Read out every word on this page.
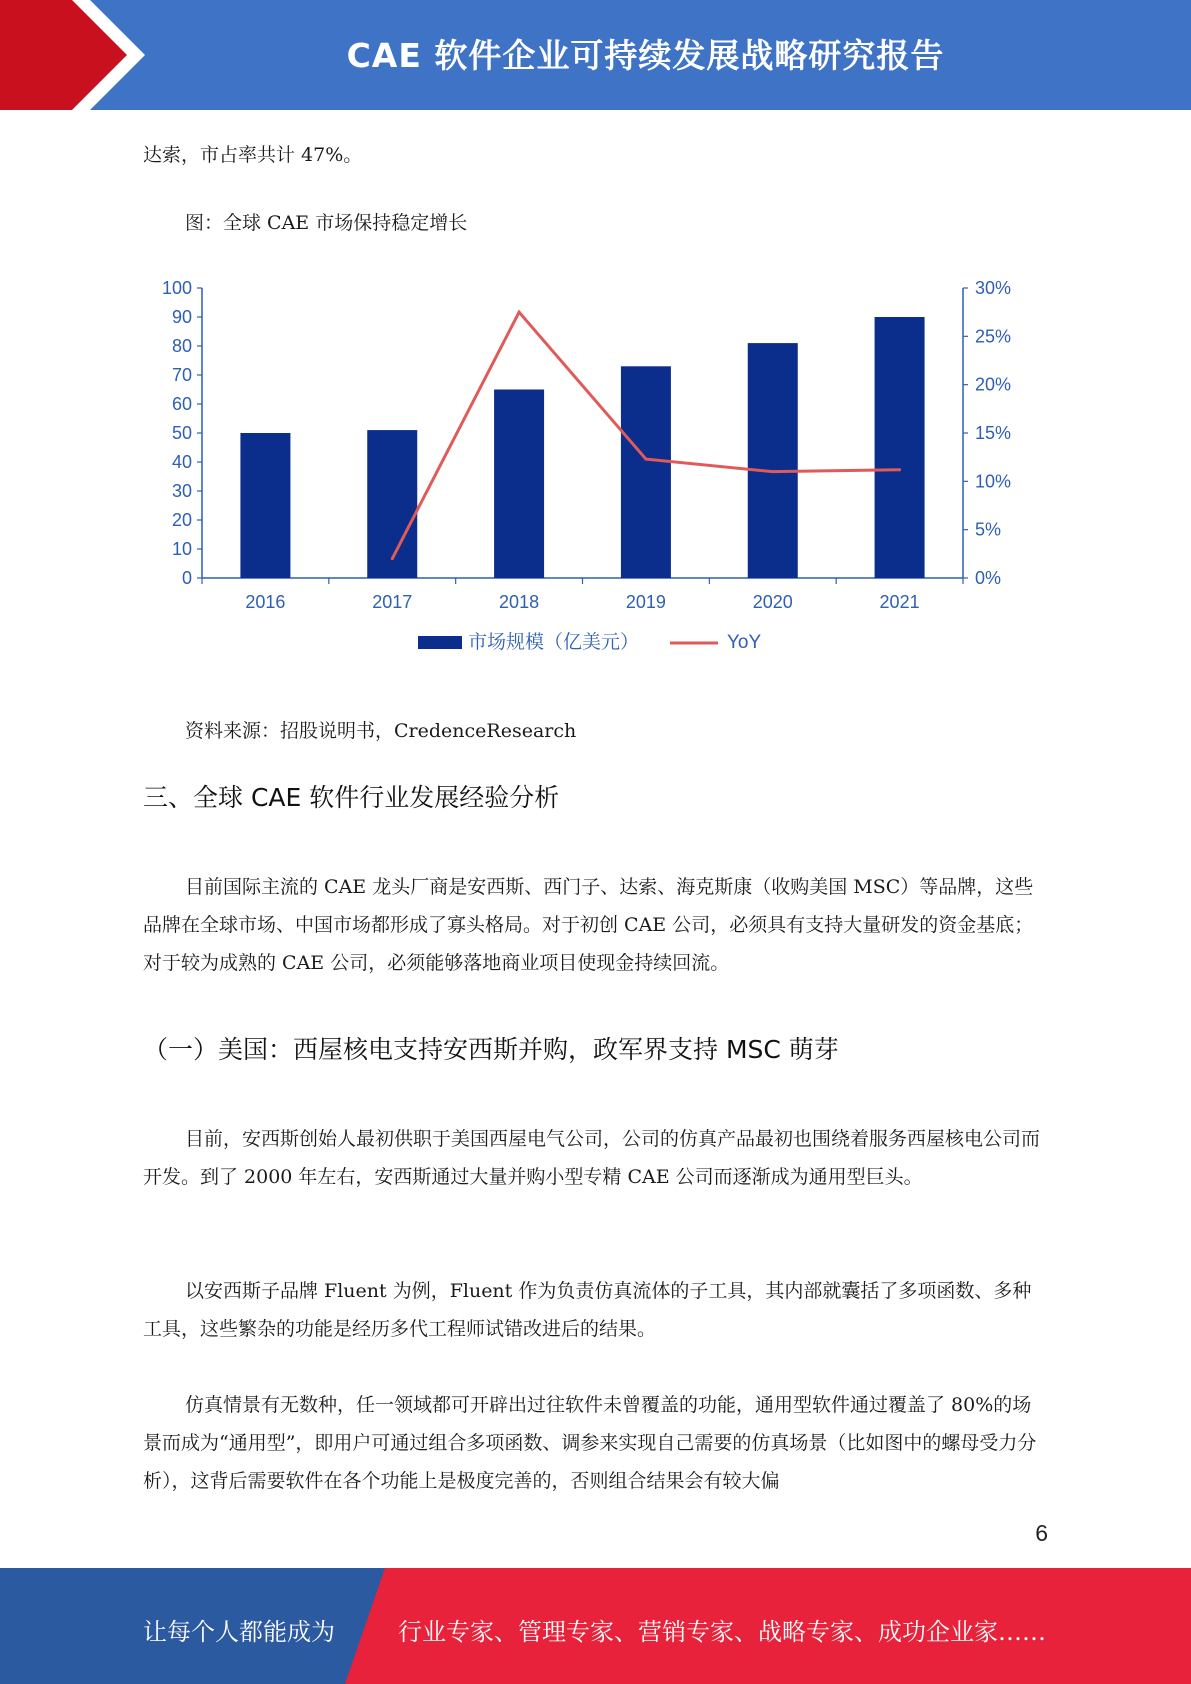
CAE 软件企业可持续发展战略研究报告

达索，市占率共计 47%。

图：全球 CAE 市场保持稳定增长
0
10
20
30
40
50
60
70
80
90
100
0%
5%
10%
15%
20%
25%
30%
2016	2017	2018	2019	2020	2021
市场规模（亿美元）	YoY
资料来源：招股说明书，CredenceResearch
三、全球 CAE 软件行业发展经验分析

目前国际主流的 CAE 龙头厂商是安西斯、西门子、达索、海克斯康（收购美国 MSC）等品牌，这些品牌在全球市场、中国市场都形成了寡头格局。对于初创 CAE 公司，必须具有支持大量研发的资金基底；对于较为成熟的 CAE 公司，必须能够落地商业项目使现金持续回流。

（一）美国：西屋核电支持安西斯并购，政军界支持 MSC 萌芽

目前，安西斯创始人最初供职于美国西屋电气公司，公司的仿真产品最初也围绕着服务西屋核电公司而开发。到了 2000 年左右，安西斯通过大量并购小型专精 CAE 公司而逐渐成为通用型巨头。

以安西斯子品牌 Fluent 为例，Fluent 作为负责仿真流体的子工具，其内部就囊括了多项函数、多种工具，这些繁杂的功能是经历多代工程师试错改进后的结果。

仿真情景有无数种，任一领域都可开辟出过往软件未曾覆盖的功能，通用型软件通过覆盖了 80%的场景而成为“通用型”，即用户可通过组合多项函数、调参来实现自己需要的仿真场景（比如图中的螺母受力分析），这背后需要软件在各个功能上是极度完善的，否则组合结果会有较大偏

6
让每个人都能成为	行业专家、管理专家、营销专家、战略专家、成功企业家……
